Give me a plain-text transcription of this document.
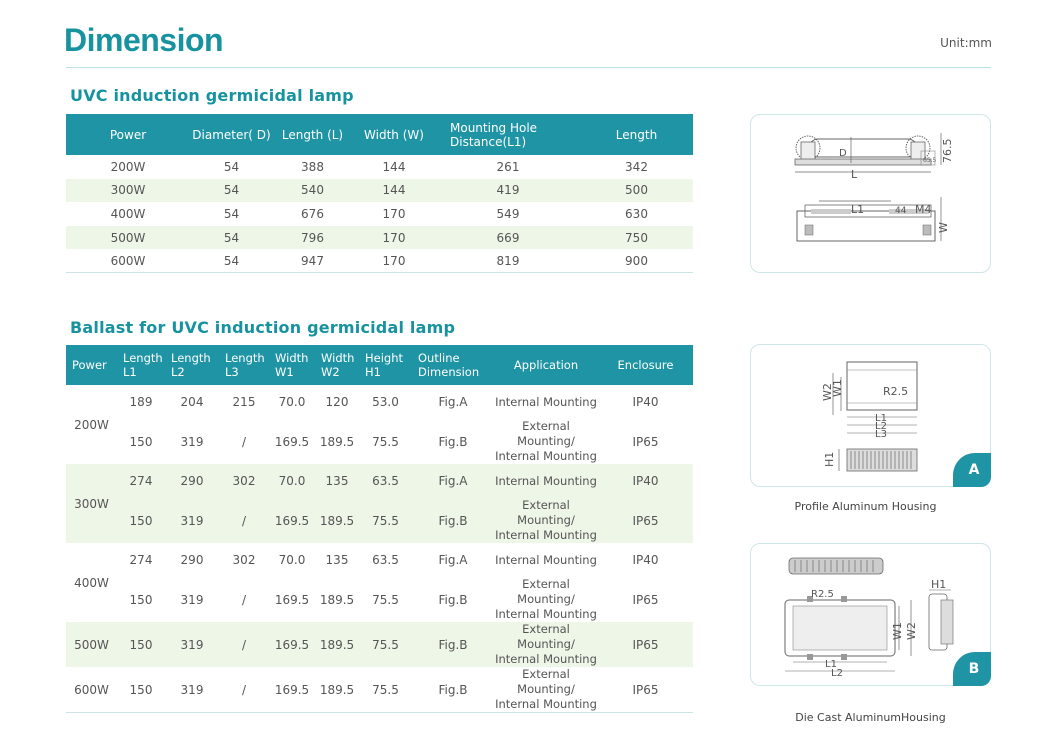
Dimension	Unit:mm
UVC induction germicidal lamp
Power	Diameter( D)	Length (L)	Width (W)	Mounting Hole Distance(L1)	Length
200W	54	388	144	261	342
300W	54	540	144	419	500
400W	54	676	170	549	630
500W	54	796	170	669	750
600W	54	947	170	819	900
D
65.5 76.5
L
L1	44 M4
W
Ballast for UVC induction germicidal lamp
Power	Length L1	Length L2	Length L3	Width W1	Width W2	Height H1	Outline Dimension	Application	Enclosure
200W	189	204	215	70.0	120	53.0	Fig.A	Internal Mounting	IP40
	150	319	/	169.5	189.5	75.5	Fig.B	External Mounting/ Internal Mounting	IP65
300W	274	290	302	70.0	135	63.5	Fig.A	Internal Mounting	IP40
	150	319	/	169.5	189.5	75.5	Fig.B	External Mounting/ Internal Mounting	IP65
400W	274	290	302	70.0	135	63.5	Fig.A	Internal Mounting	IP40
	150	319	/	169.5	189.5	75.5	Fig.B	External Mounting/ Internal Mounting	IP65
500W	150	319	/	169.5	189.5	75.5	Fig.B	External Mounting/ Internal Mounting	IP65
600W	150	319	/	169.5	189.5	75.5	Fig.B	External Mounting/ Internal Mounting	IP65
R2.5
W2
W1
L1
L2
L3
H1
A
Profile Aluminum Housing
R2.5
W1 W2
L1
L2
H1
B
Die Cast AluminumHousing
